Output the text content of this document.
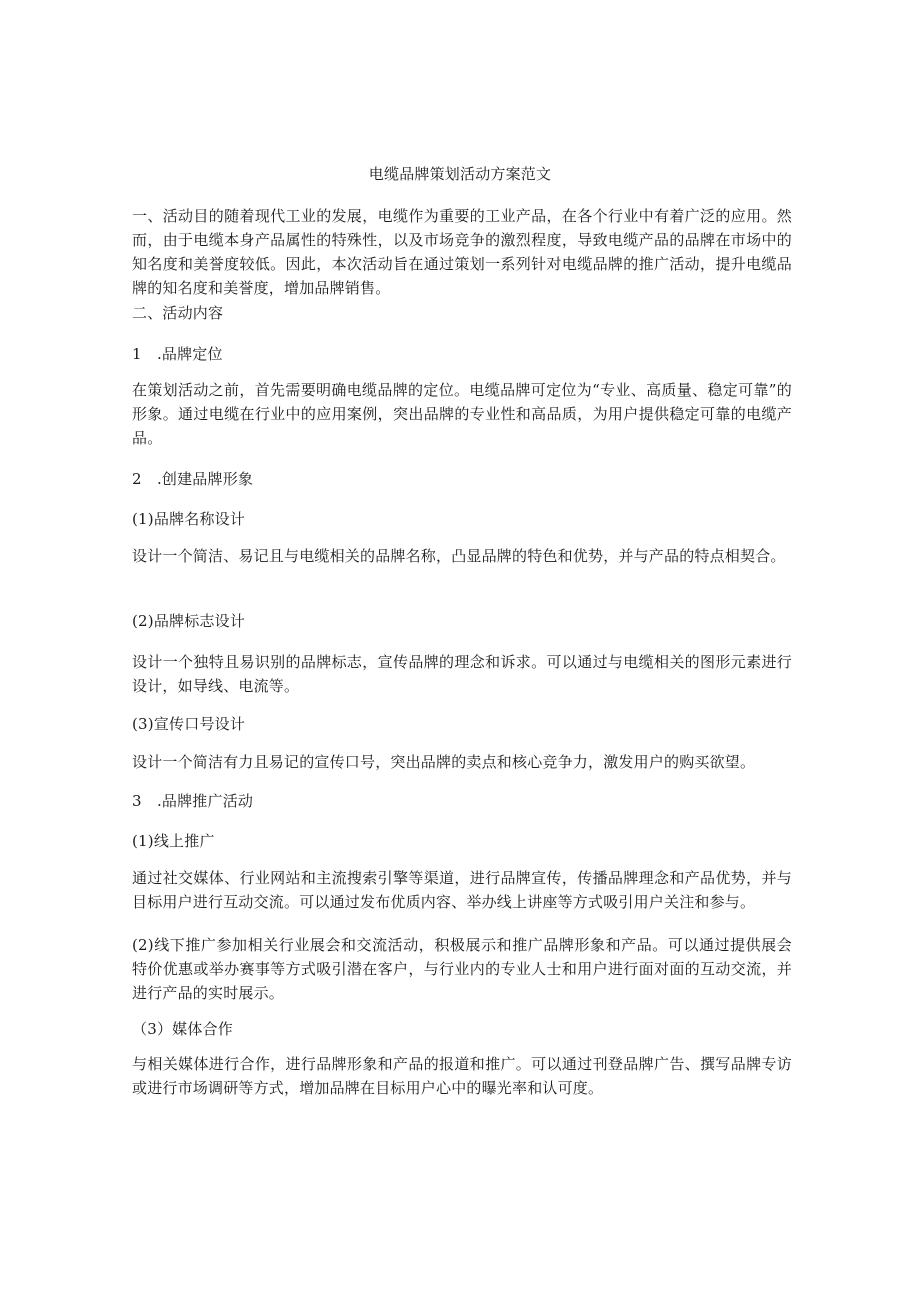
电缆品牌策划活动方案范文

一、活动目的随着现代工业的发展，电缆作为重要的工业产品，在各个行业中有着广泛的应用。然而，由于电缆本身产品属性的特殊性，以及市场竞争的激烈程度，导致电缆产品的品牌在市场中的知名度和美誉度较低。因此，本次活动旨在通过策划一系列针对电缆品牌的推广活动，提升电缆品牌的知名度和美誉度，增加品牌销售。

二、活动内容
1　.品牌定位

在策划活动之前，首先需要明确电缆品牌的定位。电缆品牌可定位为“专业、高质量、稳定可靠”的形象。通过电缆在行业中的应用案例，突出品牌的专业性和高品质，为用户提供稳定可靠的电缆产品。

2　.创建品牌形象
(1)品牌名称设计

设计一个简洁、易记且与电缆相关的品牌名称，凸显品牌的特色和优势，并与产品的特点相契合。

(2)品牌标志设计

设计一个独特且易识别的品牌标志，宣传品牌的理念和诉求。可以通过与电缆相关的图形元素进行设计，如导线、电流等。

(3)宣传口号设计

设计一个简洁有力且易记的宣传口号，突出品牌的卖点和核心竞争力，激发用户的购买欲望。

3　.品牌推广活动
(1)线上推广

通过社交媒体、行业网站和主流搜索引擎等渠道，进行品牌宣传，传播品牌理念和产品优势，并与目标用户进行互动交流。可以通过发布优质内容、举办线上讲座等方式吸引用户关注和参与。

(2)线下推广参加相关行业展会和交流活动，积极展示和推广品牌形象和产品。可以通过提供展会特价优惠或举办赛事等方式吸引潜在客户，与行业内的专业人士和用户进行面对面的互动交流，并进行产品的实时展示。

（3）媒体合作

与相关媒体进行合作，进行品牌形象和产品的报道和推广。可以通过刊登品牌广告、撰写品牌专访或进行市场调研等方式，增加品牌在目标用户心中的曝光率和认可度。
